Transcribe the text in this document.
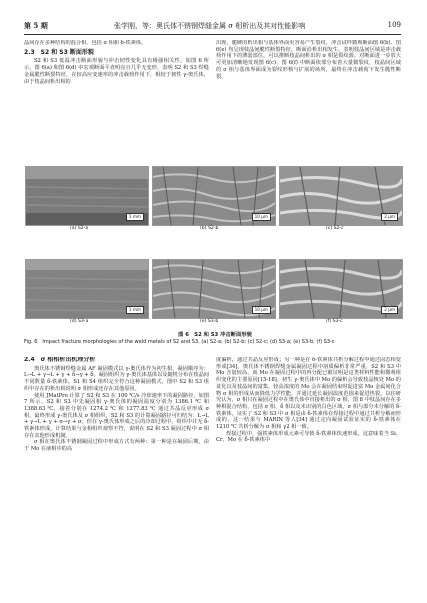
第 5 期	张学刚，等：奥氏体不锈钢焊缝金属 σ 相析出及其对性能影响	109

晶间存在多种结构的混合相，包括 σ 相和 δ-铁素体。

2.3　S2 和 S3 断面形貌

S2 和 S3 低温冲击断面形貌与冲击韧性变化具有极强相关性，如图 6 所示。图 6(a) 和图 6(d) 中宏观断面平直明亮且几乎无变形，表明 S2 和 S3 焊缝金属脆性断裂特征，在较高应变速率的冲击载荷作用下，相较于韧性 γ-奥氏体，由于枝晶间析出相的

出现，脆硬的析出相与基体界面更容易产生裂纹，冲击试样微观断面图 6(b)、图 6(e) 均呈现枝晶间脆性断裂特征，断面沿析出相发生，表明枝晶间区域是冲击载荷作用下的薄弱部位，可以推断枝晶间析出的 σ 相是裂纹源。对断面进一步放大可更加清晰地发现图 6(c)、图 6(f) 中断面依部分布着大量微裂纹，枝晶间区域的 σ 相与基体界面成为裂纹形核与扩展的场所，最终在冲击载荷下发生脆性断裂。

1 mm	10 μm	2 μm
(a) S2-a	(b) S2-b	(c) S2-c
1 mm	10 μm	2 μm
(d) S3-a	(e) S3-b	(f) S3-c
图 6　S2 和 S3 冲击断面形貌
Fig. 6　Impact fracture morphologies of the weld metals of S2 and S3. (a) S2-a; (b) S2-b; (c) S2-c; (d) S3-a; (e) S3-b; (f) S3-c

2.4　σ 相相析出机理分析

奥氏体不锈钢焊缝金属 AF 凝固模式以 γ-奥氏体作为初生相，凝固顺序为：L→L + γ→L + γ + δ→γ + δ。凝固组织为 γ-奥氏体基体以及随机分布在枝晶间不同数量 δ-铁素体。S1 和 S4 组织完全符合这种凝固模式，图中 S2 和 S3 组织中存在的析出相说明 σ 相形成还存在其他原因。

使用 JMatPro 计算了 S2 和 S3 在 100 ℃/s 冷却速率下的凝固路径，如图 7 所示。S2 和 S3 中先凝固相 γ-奥氏体的凝固温度分别为 1386.1 ℃ 和 1388.63 ℃，接着分别在 1274.2 ℃ 和 1277.83 ℃ 通过共晶反应形成 σ 相，最终形成 γ-奥氏体及 σ 相组织，S2 和 S3 的计算凝固路径可归结为：L→L + γ→L + γ + σ→γ + σ。但在 γ-奥氏体形成之后的冷却过程中，组织中并无 δ-铁素体形成，计算结果与金相组织观察不符，说明在 S2 和 S3 凝固过程中 σ 相存在其他形成机制。

σ 相在奥氏体不锈钢凝固过程中形成方式有两种：第一种是在凝固后期，由于 Mo 在液相中的高

度偏析，通过共晶反应形成；另一种是在 δ-铁素体共析分解过程中通过固态相变形成[34]。奥氏体不锈钢焊缝金属凝固过程中溶质偏析非常严重，S2 和 S3 中 Mo 含量较高，而 Mo 在凝固过程中的再分配已被证明是这类材料性能和微观组织变化的主要原因[15-18]。初生 γ-奥氏体中 Mo 的偏析会导致枝晶核处 Mo 的贫化以及枝晶间的富集，较高浓度的 Mo 会在凝固结束时促进富 Mo 金属间化合物 σ 相的形成从而降低力学性能，并通过延长凝固温度范围来促进热裂。以往研究认为，σ 相只在凝固过程中在奥氏体中直接析出的 σ 相，图 8 中枝晶间存在多种相混合结构，包括 σ 相、δ 相以及未识别的白色区域，σ 相与部分未分解的 δ-铁素体，证实了 S2 和 S3 中 σ 相是由 δ-铁素体在焊接过程中通过共析分解而形成的。这一结果与 MARIN 等人[34] 通过定向凝固试验证实的 δ-铁素体在 1210 ℃ 共析分解为 σ 相和 γ2 相一致。

焊接过程中，强铁素体形成元素可导致 δ-铁素体快速形成，这意味着当 Si、Cr、Mo 在 δ-铁素体中
